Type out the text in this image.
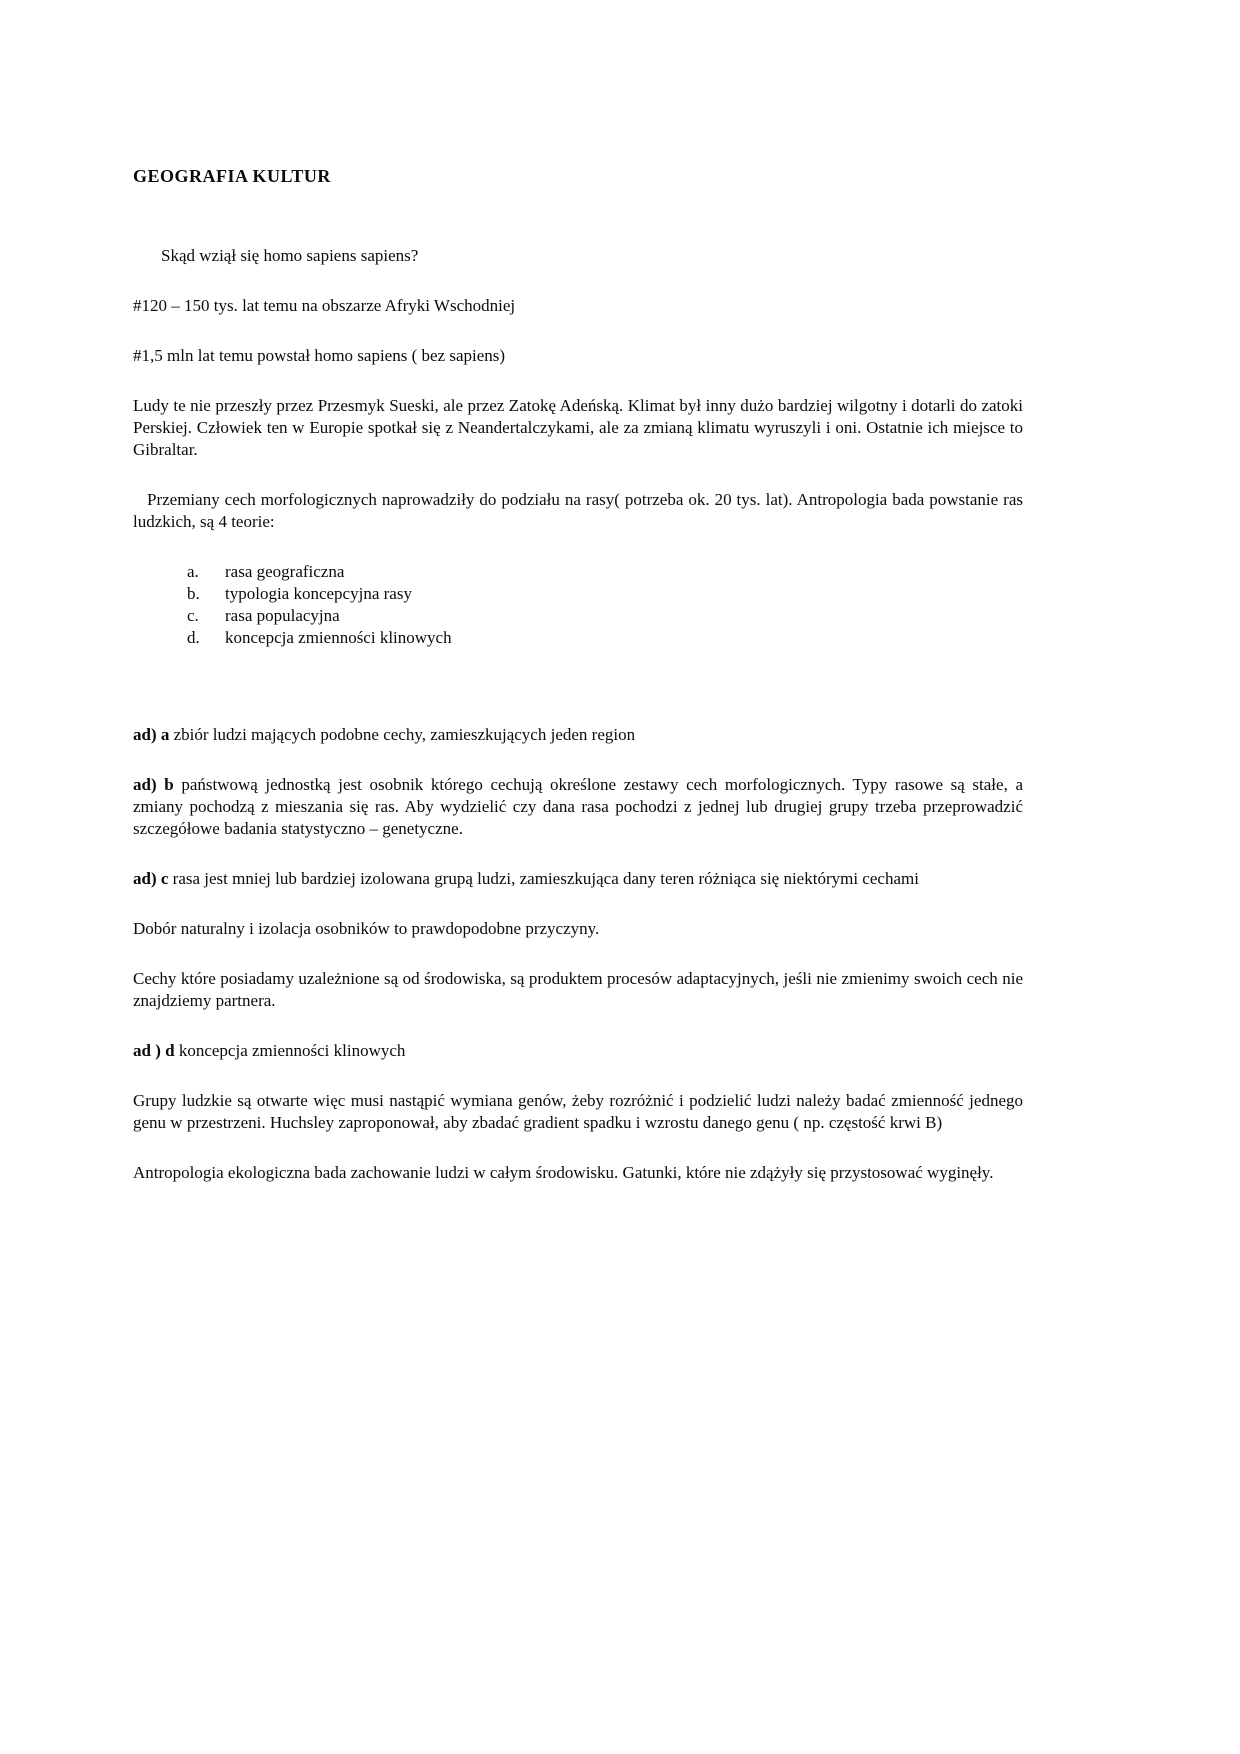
GEOGRAFIA KULTUR

Skąd wziął się homo sapiens sapiens?

#120 – 150 tys. lat temu na obszarze Afryki Wschodniej

#1,5 mln lat temu powstał homo sapiens ( bez sapiens)

Ludy te nie przeszły przez Przesmyk Sueski, ale przez Zatokę Adeńską. Klimat był inny dużo bardziej wilgotny i dotarli do zatoki Perskiej. Człowiek ten w Europie spotkał się z Neandertalczykami, ale za zmianą klimatu wyruszyli i oni. Ostatnie ich miejsce to Gibraltar.

Przemiany cech morfologicznych naprowadziły do podziału na rasy( potrzeba ok. 20 tys. lat). Antropologia bada powstanie ras ludzkich, są 4 teorie:

a. rasa geograficzna
b. typologia koncepcyjna rasy
c. rasa populacyjna
d. koncepcja zmienności klinowych

ad) a zbiór ludzi mających podobne cechy, zamieszkujących jeden region

ad) b państwową jednostką jest osobnik którego cechują określone zestawy cech morfologicznych. Typy rasowe są stałe, a zmiany pochodzą z mieszania się ras. Aby wydzielić czy dana rasa pochodzi z jednej lub drugiej grupy trzeba przeprowadzić szczegółowe badania statystyczno – genetyczne.

ad) c rasa jest mniej lub bardziej izolowana grupą ludzi, zamieszkująca dany teren różniąca się niektórymi cechami

Dobór naturalny i izolacja osobników to prawdopodobne przyczyny.

Cechy które posiadamy uzależnione są od środowiska, są produktem procesów adaptacyjnych, jeśli nie zmienimy swoich cech nie znajdziemy partnera.

ad ) d koncepcja zmienności klinowych

Grupy ludzkie są otwarte więc musi nastąpić wymiana genów, żeby rozróżnić i podzielić ludzi należy badać zmienność jednego genu w przestrzeni. Huchsley zaproponował, aby zbadać gradient spadku i wzrostu danego genu ( np. częstość krwi B)

Antropologia ekologiczna bada zachowanie ludzi w całym środowisku. Gatunki, które nie zdążyły się przystosować wyginęły.
